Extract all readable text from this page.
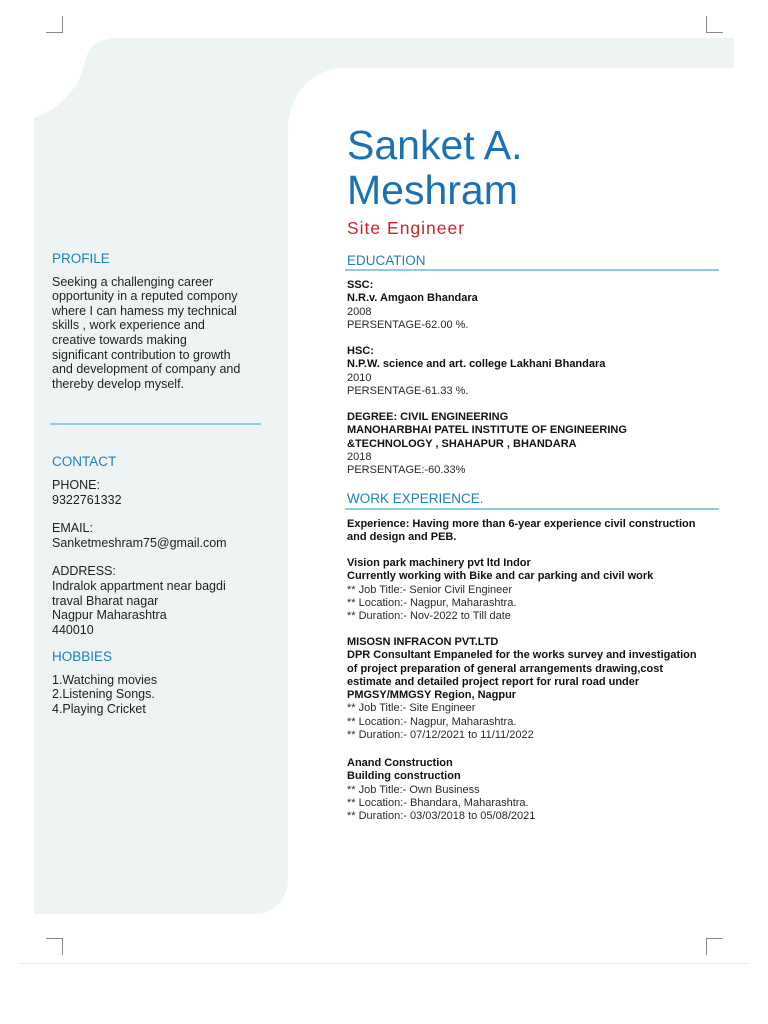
Sanket A.
Meshram
Site Engineer
PROFILE

Seeking a challenging career
opportunity in a reputed compony
where I can hamess my technical
skills , work experience and
creative towards making
significant contribution to growth
and development of company and
thereby develop myself.

CONTACT

PHONE:
9322761332

EMAIL:
Sanketmeshram75@gmail.com

ADDRESS:
Indralok appartment near bagdi
traval Bharat nagar
Nagpur Maharashtra
440010

HOBBIES

1.Watching movies
2.Listening Songs.
4.Playing Cricket

EDUCATION
SSC:
N.R.v. Amgaon Bhandara
2008
PERSENTAGE-62.00 %.
HSC:
N.P.W. science and art. college Lakhani Bhandara
2010
PERSENTAGE-61.33 %.
DEGREE: CIVIL ENGINEERING
MANOHARBHAI PATEL INSTITUTE OF ENGINEERING
&TECHNOLOGY , SHAHAPUR , BHANDARA
2018
PERSENTAGE:-60.33%
WORK EXPERIENCE.
Experience: Having more than 6-year experience civil construction
and design and PEB.
Vision park machinery pvt ltd Indor
Currently working with Bike and car parking and civil work
** Job Title:- Senior Civil Engineer
** Location:- Nagpur, Maharashtra.
** Duration:- Nov-2022 to Till date
MISOSN INFRACON PVT.LTD
DPR Consultant Empaneled for the works survey and investigation
of project preparation of general arrangements drawing,cost
estimate and detailed project report for rural road under
PMGSY/MMGSY Region, Nagpur
** Job Title:- Site Engineer
** Location:- Nagpur, Maharashtra.
** Duration:- 07/12/2021 to 11/11/2022
Anand Construction
Building construction
** Job Title:- Own Business
** Location:- Bhandara, Maharashtra.
** Duration:- 03/03/2018 to 05/08/2021
